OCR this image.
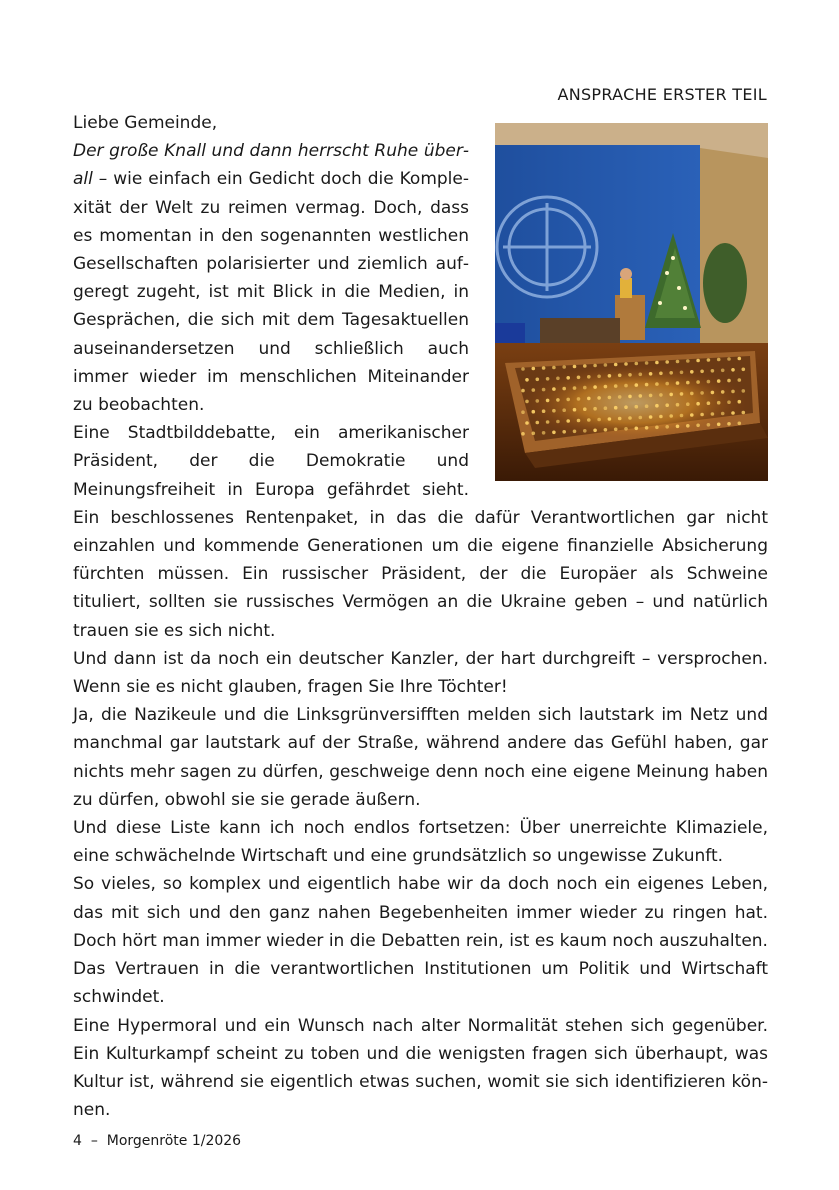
ANSPRACHE ERSTER TEIL

Liebe Gemeinde,
Der große Knall und dann herrscht Ruhe überall – wie einfach ein Gedicht doch die Komplexität der Welt zu reimen vermag. Doch, dass es momentan in den sogenannten westlichen Gesellschaften polarisierter und ziemlich aufgeregt zugeht, ist mit Blick in die Medien, in Gesprächen, die sich mit dem Tagesaktuellen auseinandersetzen und schließlich auch immer wieder im menschlichen Miteinander zu beobachten.

Eine Stadtbilddebatte, ein amerikanischer Präsident, der die Demokratie und Meinungsfreiheit in Europa gefährdet sieht. Ein beschlossenes Rentenpaket, in das die dafür Verantwortlichen gar nicht einzahlen und kommende Generationen um die eigene finanzielle Absicherung fürchten müssen. Ein russischer Präsident, der die Europäer als Schweine tituliert, sollten sie russisches Vermögen an die Ukraine geben – und natürlich trauen sie es sich nicht.

Und dann ist da noch ein deutscher Kanzler, der hart durchgreift – versprochen. Wenn sie es nicht glauben, fragen Sie Ihre Töchter!

Ja, die Nazikeule und die Linksgrünversifften melden sich lautstark im Netz und manchmal gar lautstark auf der Straße, während andere das Gefühl haben, gar nichts mehr sagen zu dürfen, geschweige denn noch eine eigene Meinung haben zu dürfen, obwohl sie sie gerade äußern.

Und diese Liste kann ich noch endlos fortsetzen: Über unerreichte Klimaziele, eine schwächelnde Wirtschaft und eine grundsätzlich so ungewisse Zukunft.

So vieles, so komplex und eigentlich habe wir da doch noch ein eigenes Leben, das mit sich und den ganz nahen Begebenheiten immer wieder zu ringen hat. Doch hört man immer wieder in die Debatten rein, ist es kaum noch auszuhalten.

Das Vertrauen in die verantwortlichen Institutionen um Politik und Wirtschaft schwindet.

Eine Hypermoral und ein Wunsch nach alter Normalität stehen sich gegenüber. Ein Kulturkampf scheint zu toben und die wenigsten fragen sich überhaupt, was Kultur ist, während sie eigentlich etwas suchen, womit sie sich identifizieren können.

4 – Morgenröte 1/2026
